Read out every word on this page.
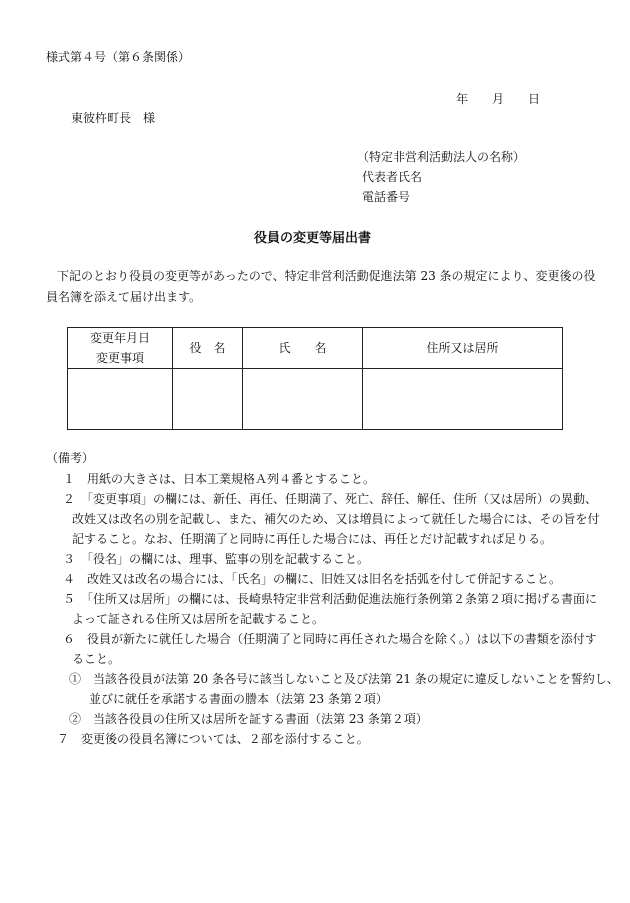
様式第４号（第６条関係）
年　　月　　日
東彼杵町長　様
（特定非営利活動法人の名称）
代表者氏名
電話番号
役員の変更等届出書
下記のとおり役員の変更等があったので、特定非営利活動促進法第 23 条の規定により、変更後の役
員名簿を添えて届け出ます。
変更年月日
変更事項	役　名	氏　　名	住所又は居所

（備考）
１　用紙の大きさは、日本工業規格Ａ列４番とすること。
２　「変更事項」の欄には、新任、再任、任期満了、死亡、辞任、解任、住所（又は居所）の異動、
改姓又は改名の別を記載し、また、補欠のため、又は増員によって就任した場合には、その旨を付
記すること。なお、任期満了と同時に再任した場合には、再任とだけ記載すれば足りる。
３　「役名」の欄には、理事、監事の別を記載すること。
４　改姓又は改名の場合には、「氏名」の欄に、旧姓又は旧名を括弧を付して併記すること。
５　「住所又は居所」の欄には、長崎県特定非営利活動促進法施行条例第２条第２項に掲げる書面に
よって証される住所又は居所を記載すること。
６　役員が新たに就任した場合（任期満了と同時に再任された場合を除く。）は以下の書類を添付す
ること。
①　当該各役員が法第 20 条各号に該当しないこと及び法第 21 条の規定に違反しないことを誓約し、
並びに就任を承諾する書面の謄本（法第 23 条第２項）
②　当該各役員の住所又は居所を証する書面（法第 23 条第２項）
７　変更後の役員名簿については、２部を添付すること。
